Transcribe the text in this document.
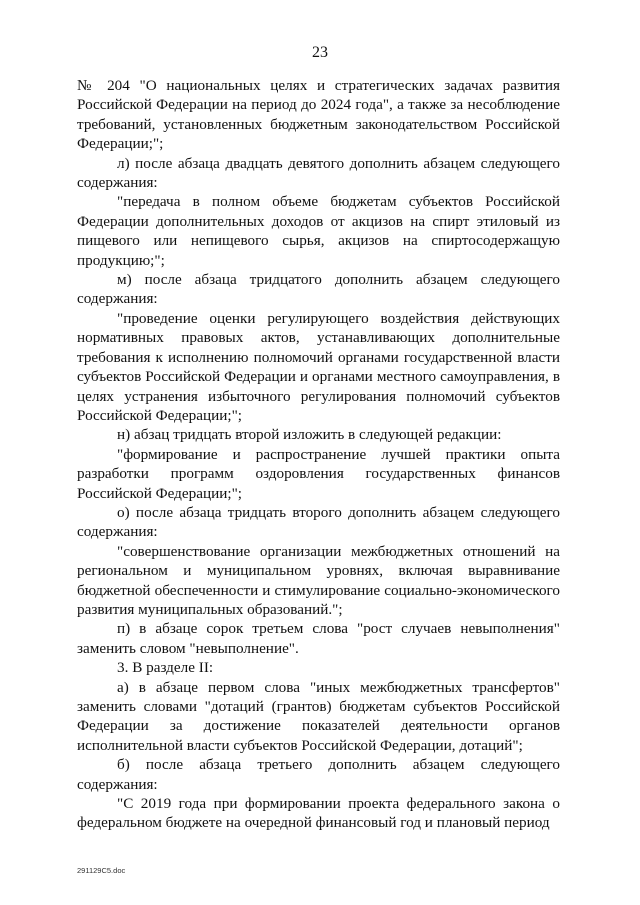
23

№ 204 "О национальных целях и стратегических задачах развития Российской Федерации на период до 2024 года", а также за несоблюдение требований, установленных бюджетным законодательством Российской Федерации;";

л) после абзаца двадцать девятого дополнить абзацем следующего содержания:

"передача в полном объеме бюджетам субъектов Российской Федерации дополнительных доходов от акцизов на спирт этиловый из пищевого или непищевого сырья, акцизов на спиртосодержащую продукцию;";

м) после абзаца тридцатого дополнить абзацем следующего содержания:

"проведение оценки регулирующего воздействия действующих нормативных правовых актов, устанавливающих дополнительные требования к исполнению полномочий органами государственной власти субъектов Российской Федерации и органами местного самоуправления, в целях устранения избыточного регулирования полномочий субъектов Российской Федерации;";

н) абзац тридцать второй изложить в следующей редакции:

"формирование и распространение лучшей практики опыта разработки программ оздоровления государственных финансов Российской Федерации;";

о) после абзаца тридцать второго дополнить абзацем следующего содержания:

"совершенствование организации межбюджетных отношений на региональном и муниципальном уровнях, включая выравнивание бюджетной обеспеченности и стимулирование социально-экономического развития муниципальных образований.";

п) в абзаце сорок третьем слова "рост случаев невыполнения" заменить словом "невыполнение".

3. В разделе II:

а) в абзаце первом слова "иных межбюджетных трансфертов" заменить словами "дотаций (грантов) бюджетам субъектов Российской Федерации за достижение показателей деятельности органов исполнительной власти субъектов Российской Федерации, дотаций";

б) после абзаца третьего дополнить абзацем следующего содержания:

"С 2019 года при формировании проекта федерального закона о федеральном бюджете на очередной финансовый год и плановый период

291129C5.doc
